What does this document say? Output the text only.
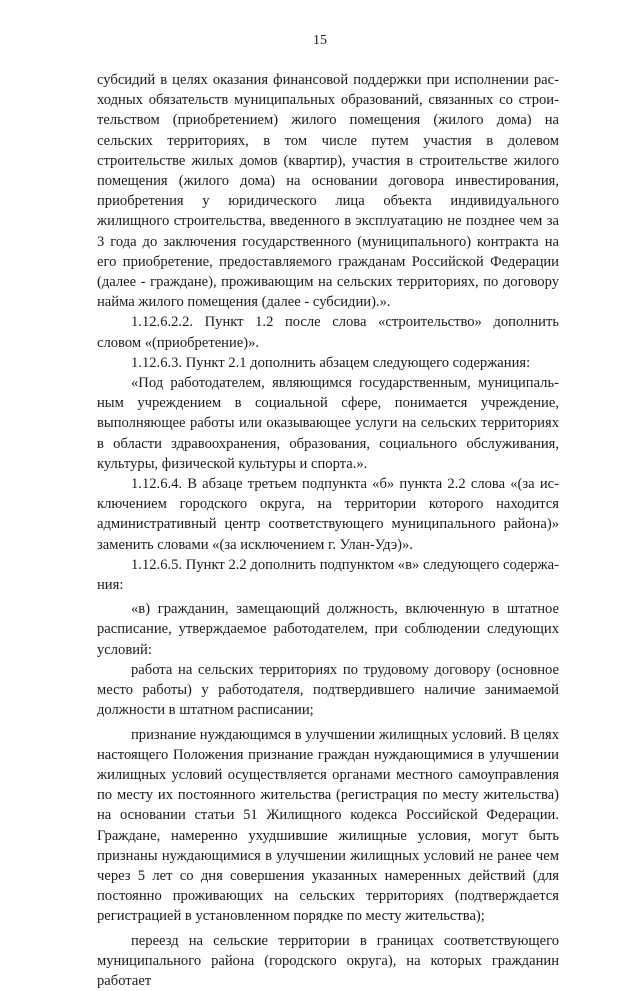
15

субсидий в целях оказания финансовой поддержки при исполнении расходных обязательств муниципальных образований, связанных со строительством (приобретением) жилого помещения (жилого дома) на сельских территориях, в том числе путем участия в долевом строительстве жилых домов (квартир), участия в строительстве жилого помещения (жилого дома) на основании договора инвестирования, приобретения у юридического лица объекта индивидуального жилищного строительства, введенного в эксплуатацию не позднее чем за 3 года до заключения государственного (муниципального) контракта на его приобретение, предоставляемого гражданам Российской Федерации (далее - граждане), проживающим на сельских территориях, по договору найма жилого помещения (далее - субсидии).».

1.12.6.2.2. Пункт 1.2 после слова «строительство» дополнить словом «(приобретение)».

1.12.6.3. Пункт 2.1 дополнить абзацем следующего содержания:

«Под работодателем, являющимся государственным, муниципальным учреждением в социальной сфере, понимается учреждение, выполняющее работы или оказывающее услуги на сельских территориях в области здравоохранения, образования, социального обслуживания, культуры, физической культуры и спорта.».

1.12.6.4. В абзаце третьем подпункта «б» пункта 2.2 слова «(за исключением городского округа, на территории которого находится административный центр соответствующего муниципального района)» заменить словами «(за исключением г. Улан-Удэ)».

1.12.6.5. Пункт 2.2 дополнить подпунктом «в» следующего содержания:

«в) гражданин, замещающий должность, включенную в штатное расписание, утверждаемое работодателем, при соблюдении следующих условий:

работа на сельских территориях по трудовому договору (основное место работы) у работодателя, подтвердившего наличие занимаемой должности в штатном расписании;

признание нуждающимся в улучшении жилищных условий. В целях настоящего Положения признание граждан нуждающимися в улучшении жилищных условий осуществляется органами местного самоуправления по месту их постоянного жительства (регистрация по месту жительства) на основании статьи 51 Жилищного кодекса Российской Федерации. Граждане, намеренно ухудшившие жилищные условия, могут быть признаны нуждающимися в улучшении жилищных условий не ранее чем через 5 лет со дня совершения указанных намеренных действий (для постоянно проживающих на сельских территориях (подтверждается регистрацией в установленном порядке по месту жительства);

переезд на сельские территории в границах соответствующего муниципального района (городского округа), на которых гражданин работает
